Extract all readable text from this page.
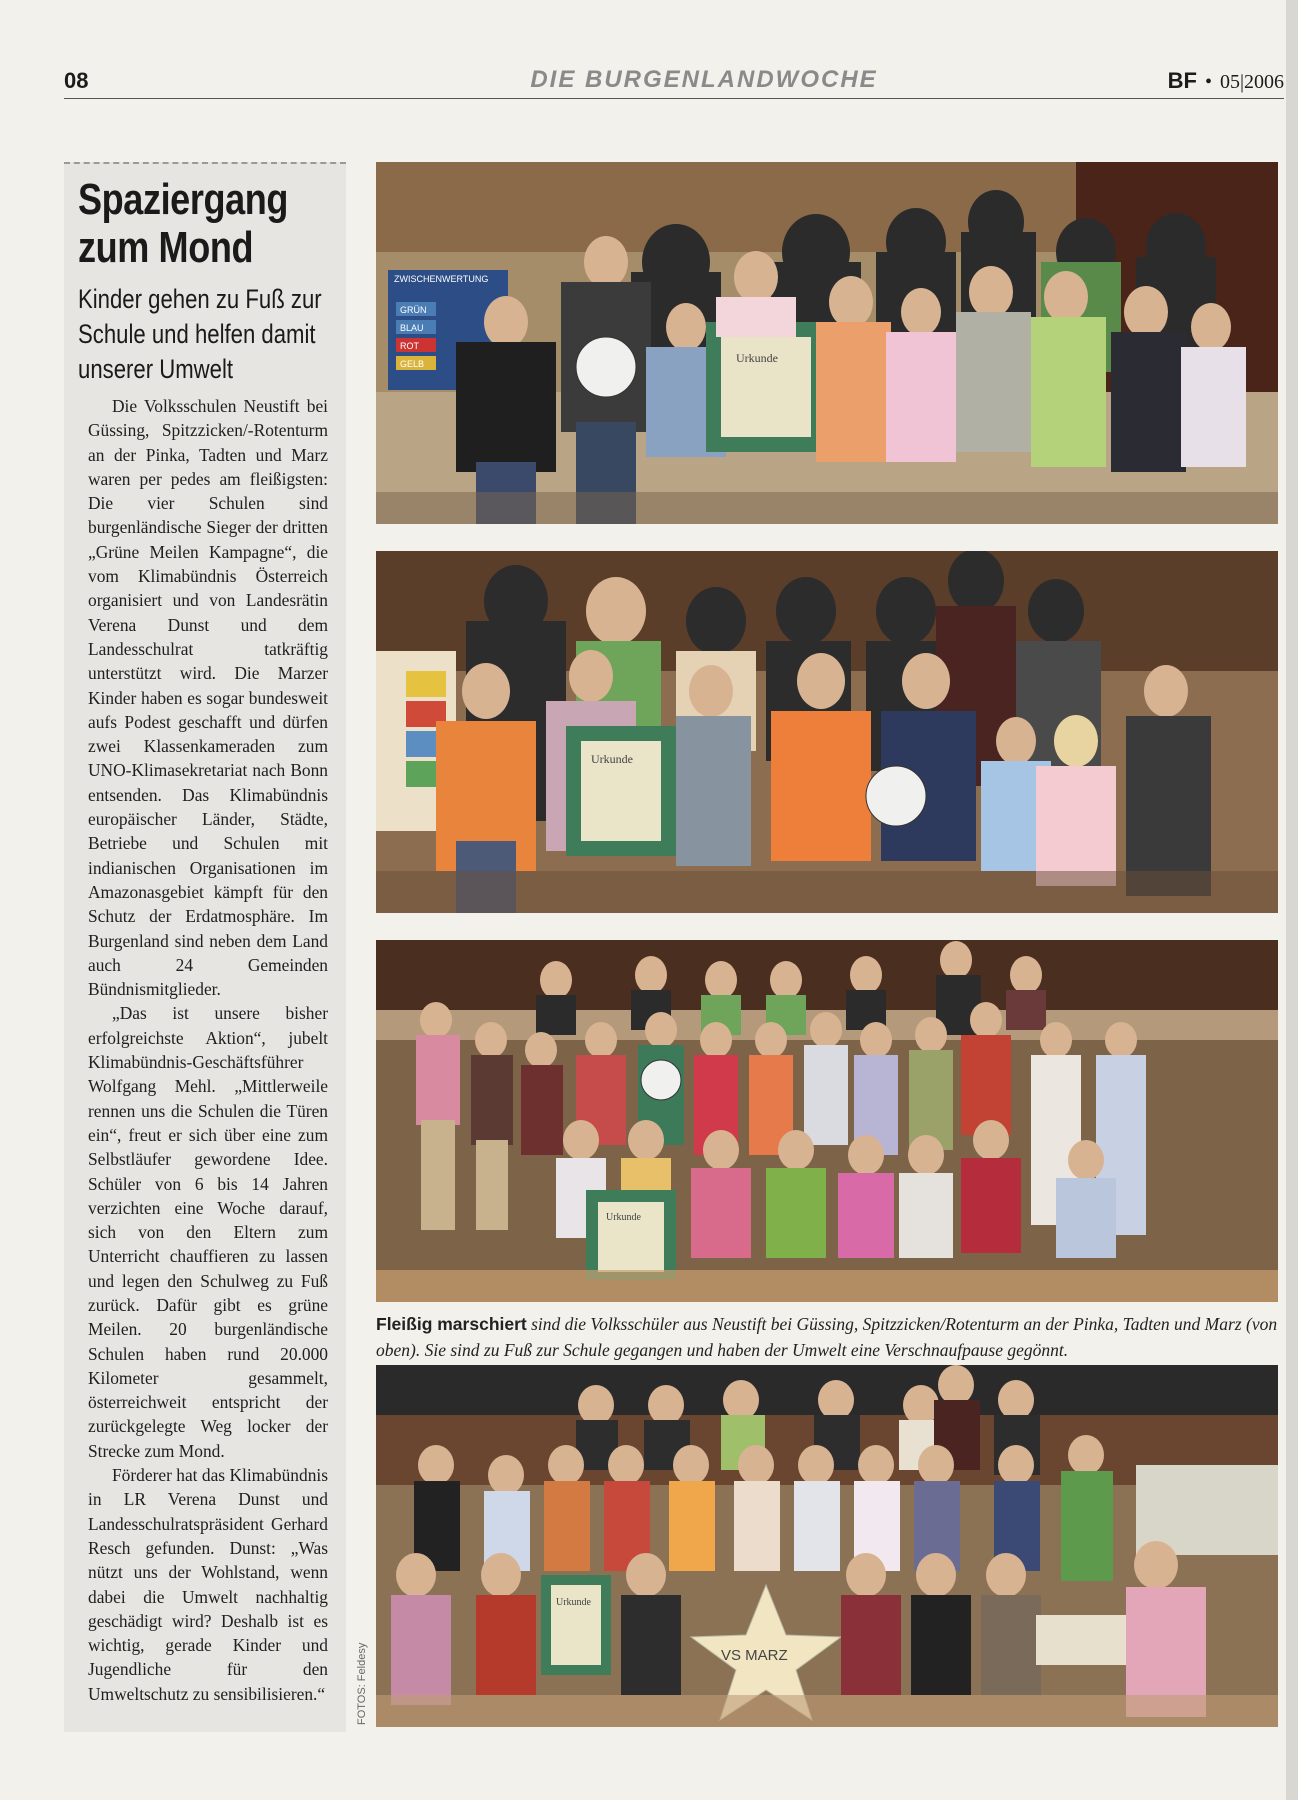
08	DIE BURGENLANDWOCHE	BF • 05|2006
Spaziergang
zum Mond
Kinder gehen zu Fuß zur
Schule und helfen damit
unserer Umwelt

Die Volksschulen Neustift bei Güssing, Spitzzicken/-Rotenturm an der Pinka, Tadten und Marz waren per pedes am fleißigsten: Die vier Schulen sind burgenländische Sieger der dritten „Grüne Meilen Kampagne“, die vom Klimabündnis Österreich organisiert und von Landesrätin Verena Dunst und dem Landesschulrat tatkräftig unterstützt wird. Die Marzer Kinder haben es sogar bundesweit aufs Podest geschafft und dürfen zwei Klassenkameraden zum UNO-Klimasekretariat nach Bonn entsenden. Das Klimabündnis europäischer Länder, Städte, Betriebe und Schulen mit indianischen Organisationen im Amazonasgebiet kämpft für den Schutz der Erdatmosphäre. Im Burgenland sind neben dem Land auch 24 Gemeinden Bündnismitglieder.

„Das ist unsere bisher erfolgreichste Aktion“, jubelt Klimabündnis-Geschäftsführer Wolfgang Mehl. „Mittlerweile rennen uns die Schulen die Türen ein“, freut er sich über eine zum Selbstläufer gewordene Idee. Schüler von 6 bis 14 Jahren verzichten eine Woche darauf, sich von den Eltern zum Unterricht chauffieren zu lassen und legen den Schulweg zu Fuß zurück. Dafür gibt es grüne Meilen. 20 burgenländische Schulen haben rund 20.000 Kilometer gesammelt, österreichweit entspricht der zurückgelegte Weg locker der Strecke zum Mond.

Förderer hat das Klimabündnis in LR Verena Dunst und Landesschulratspräsident Gerhard Resch gefunden. Dunst: „Was nützt uns der Wohlstand, wenn dabei die Umwelt nachhaltig geschädigt wird? Deshalb ist es wichtig, gerade Kinder und Jugendliche für den Umweltschutz zu sensibilisieren.“

ZWISCHENWERTUNG
GRÜN
BLAU
ROT
GELB	Urkunde
Urkunde
Urkunde
Fleißig marschiert sind die Volksschüler aus Neustift bei Güssing, Spitzzicken/Rotenturm an der Pinka, Tadten und Marz (von oben). Sie sind zu Fuß zur Schule gegangen und haben der Umwelt eine Verschnaufpause gegönnt.
Urkunde
VS MARZ
FOTOS: Feldesy
